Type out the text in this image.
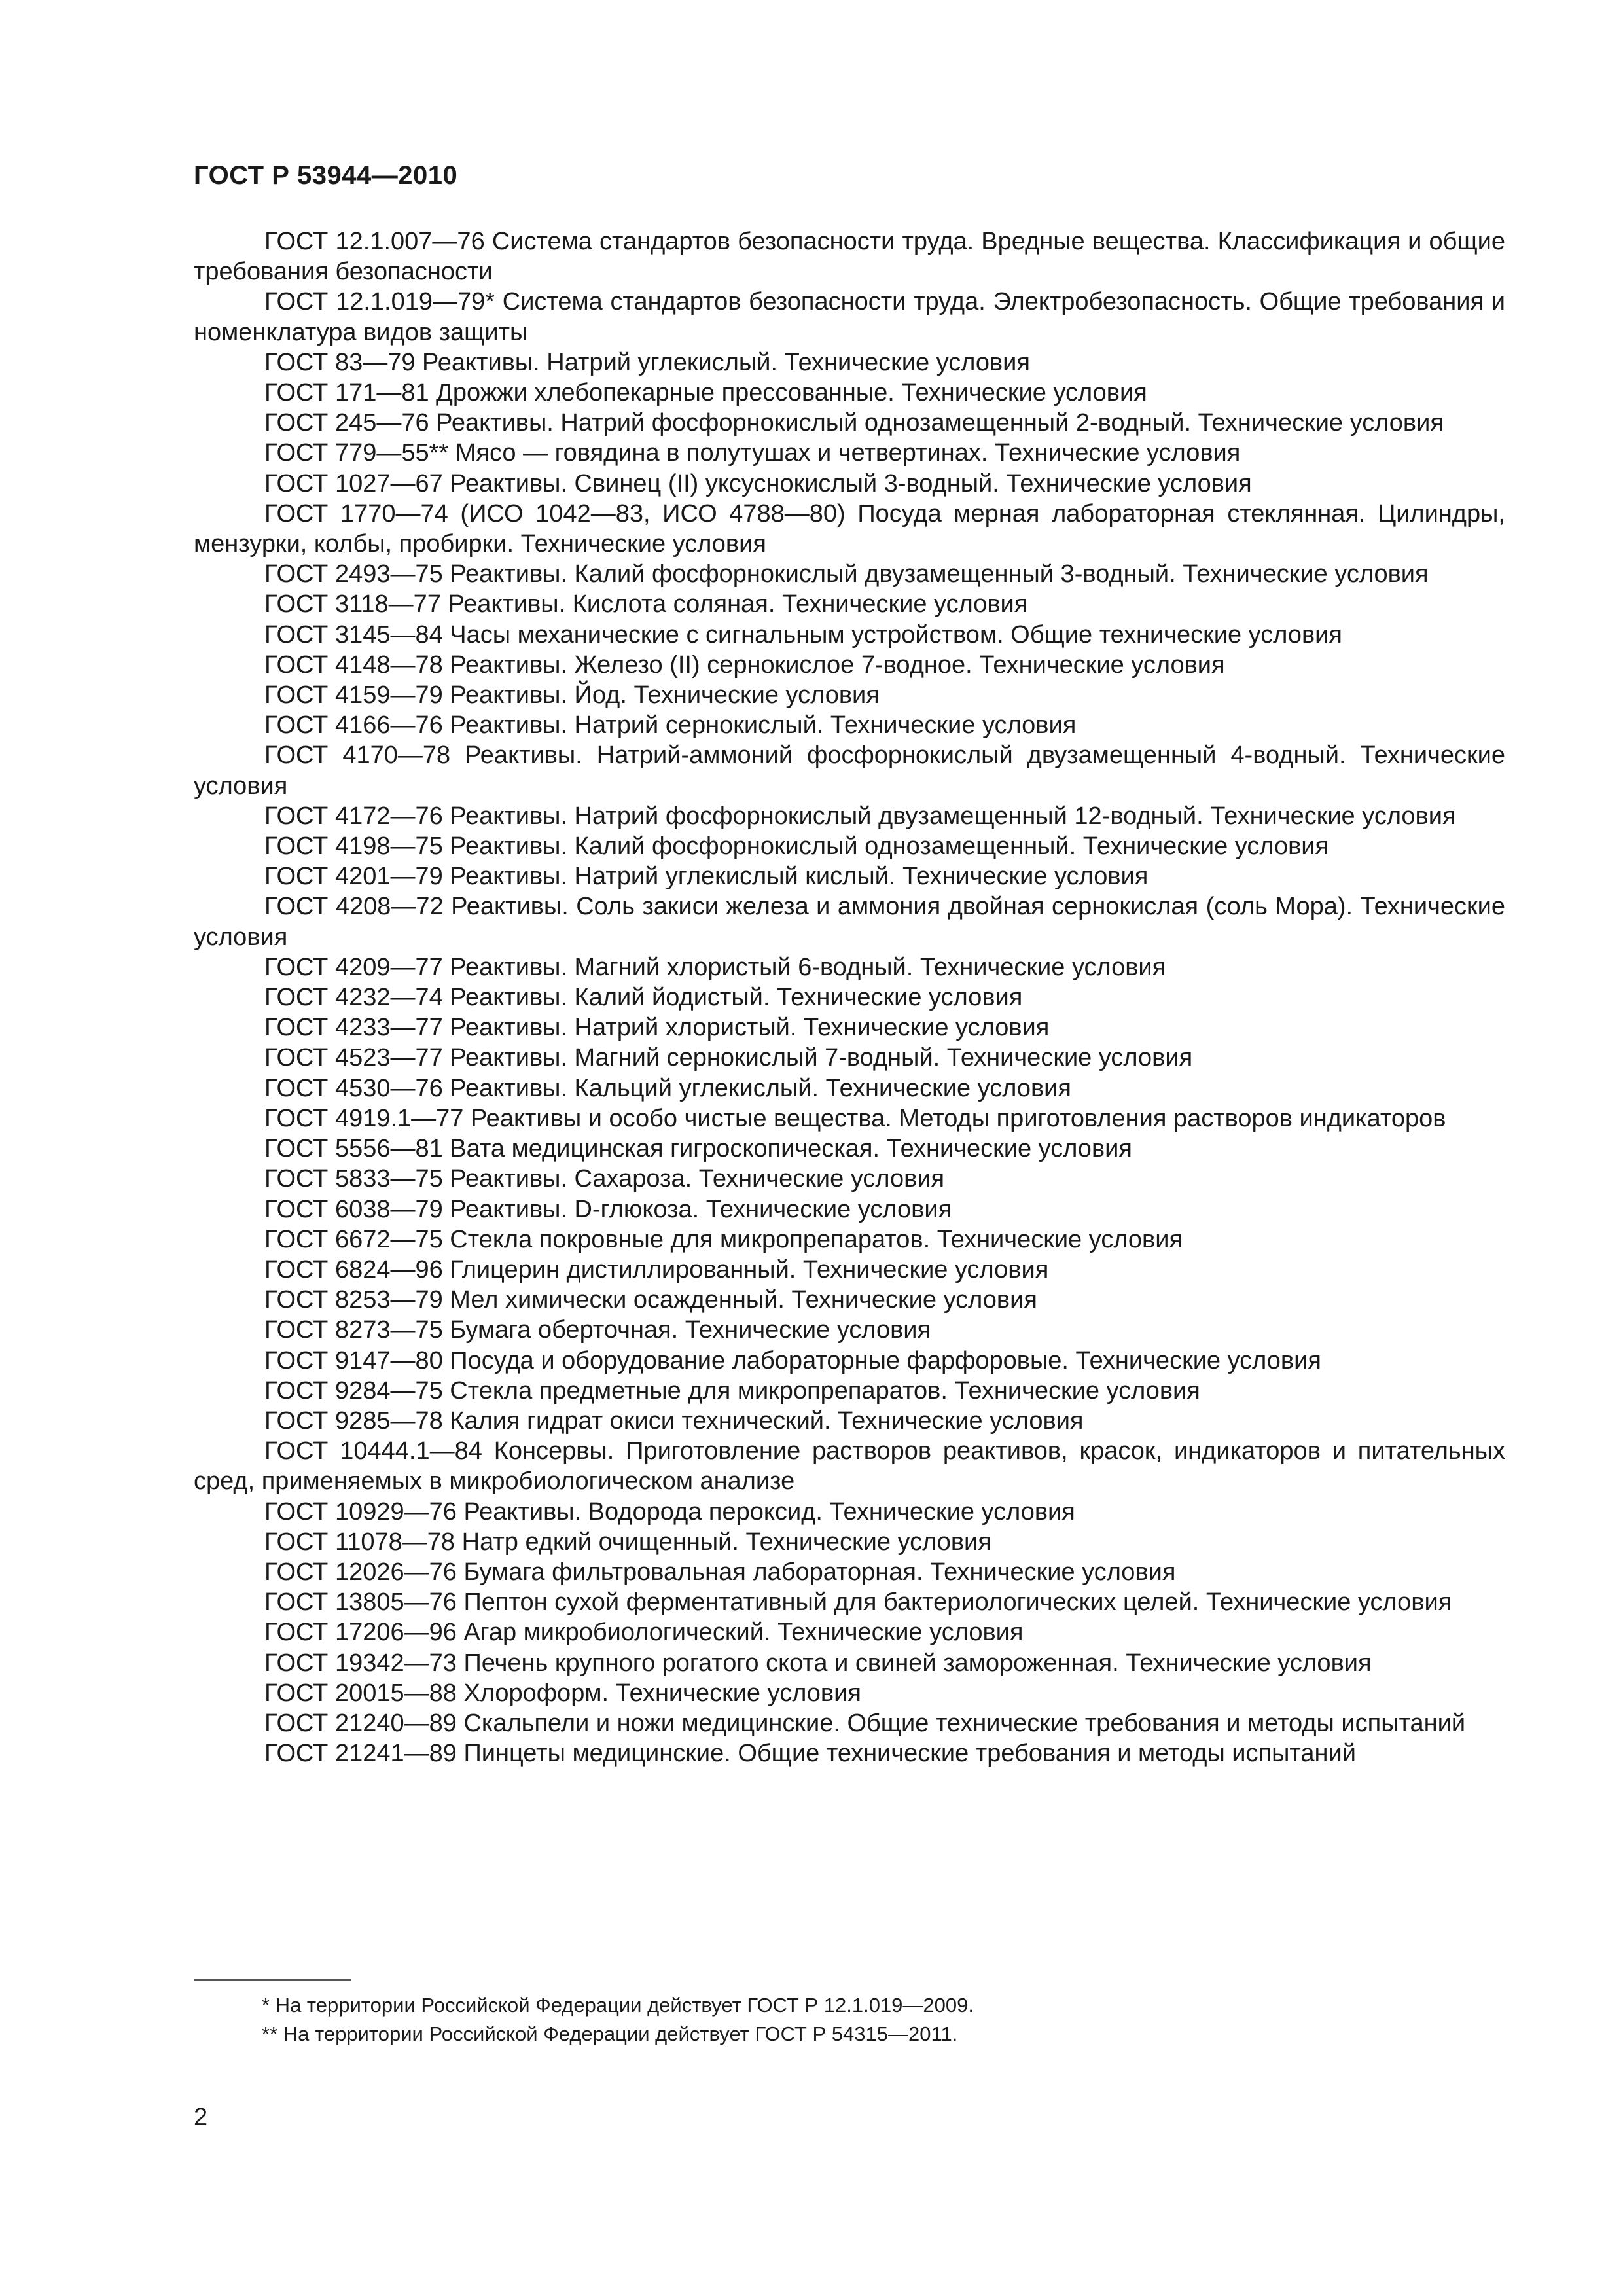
ГОСТ Р 53944—2010

ГОСТ 12.1.007—76 Система стандартов безопасности труда. Вредные вещества. Классификация и общие требования безопасности

ГОСТ 12.1.019—79* Система стандартов безопасности труда. Электробезопасность. Общие требования и номенклатура видов защиты

ГОСТ 83—79 Реактивы. Натрий углекислый. Технические условия

ГОСТ 171—81 Дрожжи хлебопекарные прессованные. Технические условия

ГОСТ 245—76 Реактивы. Натрий фосфорнокислый однозамещенный 2-водный. Технические условия

ГОСТ 779—55** Мясо — говядина в полутушах и четвертинах. Технические условия

ГОСТ 1027—67 Реактивы. Свинец (II) уксуснокислый 3-водный. Технические условия

ГОСТ 1770—74 (ИСО 1042—83, ИСО 4788—80) Посуда мерная лабораторная стеклянная. Цилиндры, мензурки, колбы, пробирки. Технические условия

ГОСТ 2493—75 Реактивы. Калий фосфорнокислый двузамещенный 3-водный. Технические условия

ГОСТ 3118—77 Реактивы. Кислота соляная. Технические условия

ГОСТ 3145—84 Часы механические с сигнальным устройством. Общие технические условия

ГОСТ 4148—78 Реактивы. Железо (II) сернокислое 7-водное. Технические условия

ГОСТ 4159—79 Реактивы. Йод. Технические условия

ГОСТ 4166—76 Реактивы. Натрий сернокислый. Технические условия

ГОСТ 4170—78 Реактивы. Натрий-аммоний фосфорнокислый двузамещенный 4-водный. Технические условия

ГОСТ 4172—76 Реактивы. Натрий фосфорнокислый двузамещенный 12-водный. Технические условия

ГОСТ 4198—75 Реактивы. Калий фосфорнокислый однозамещенный. Технические условия

ГОСТ 4201—79 Реактивы. Натрий углекислый кислый. Технические условия

ГОСТ 4208—72 Реактивы. Соль закиси железа и аммония двойная сернокислая (соль Мора). Технические условия

ГОСТ 4209—77 Реактивы. Магний хлористый 6-водный. Технические условия

ГОСТ 4232—74 Реактивы. Калий йодистый. Технические условия

ГОСТ 4233—77 Реактивы. Натрий хлористый. Технические условия

ГОСТ 4523—77 Реактивы. Магний сернокислый 7-водный. Технические условия

ГОСТ 4530—76 Реактивы. Кальций углекислый. Технические условия

ГОСТ 4919.1—77 Реактивы и особо чистые вещества. Методы приготовления растворов индикаторов

ГОСТ 5556—81 Вата медицинская гигроскопическая. Технические условия

ГОСТ 5833—75 Реактивы. Сахароза. Технические условия

ГОСТ 6038—79 Реактивы. D-глюкоза. Технические условия

ГОСТ 6672—75 Стекла покровные для микропрепаратов. Технические условия

ГОСТ 6824—96 Глицерин дистиллированный. Технические условия

ГОСТ 8253—79 Мел химически осажденный. Технические условия

ГОСТ 8273—75 Бумага оберточная. Технические условия

ГОСТ 9147—80 Посуда и оборудование лабораторные фарфоровые. Технические условия

ГОСТ 9284—75 Стекла предметные для микропрепаратов. Технические условия

ГОСТ 9285—78 Калия гидрат окиси технический. Технические условия

ГОСТ 10444.1—84 Консервы. Приготовление растворов реактивов, красок, индикаторов и питательных сред, применяемых в микробиологическом анализе

ГОСТ 10929—76 Реактивы. Водорода пероксид. Технические условия

ГОСТ 11078—78 Натр едкий очищенный. Технические условия

ГОСТ 12026—76 Бумага фильтровальная лабораторная. Технические условия

ГОСТ 13805—76 Пептон сухой ферментативный для бактериологических целей. Технические условия

ГОСТ 17206—96 Агар микробиологический. Технические условия

ГОСТ 19342—73 Печень крупного рогатого скота и свиней замороженная. Технические условия

ГОСТ 20015—88 Хлороформ. Технические условия

ГОСТ 21240—89 Скальпели и ножи медицинские. Общие технические требования и методы испытаний

ГОСТ 21241—89 Пинцеты медицинские. Общие технические требования и методы испытаний

* На территории Российской Федерации действует ГОСТ Р 12.1.019—2009.

** На территории Российской Федерации действует ГОСТ Р 54315—2011.

2
